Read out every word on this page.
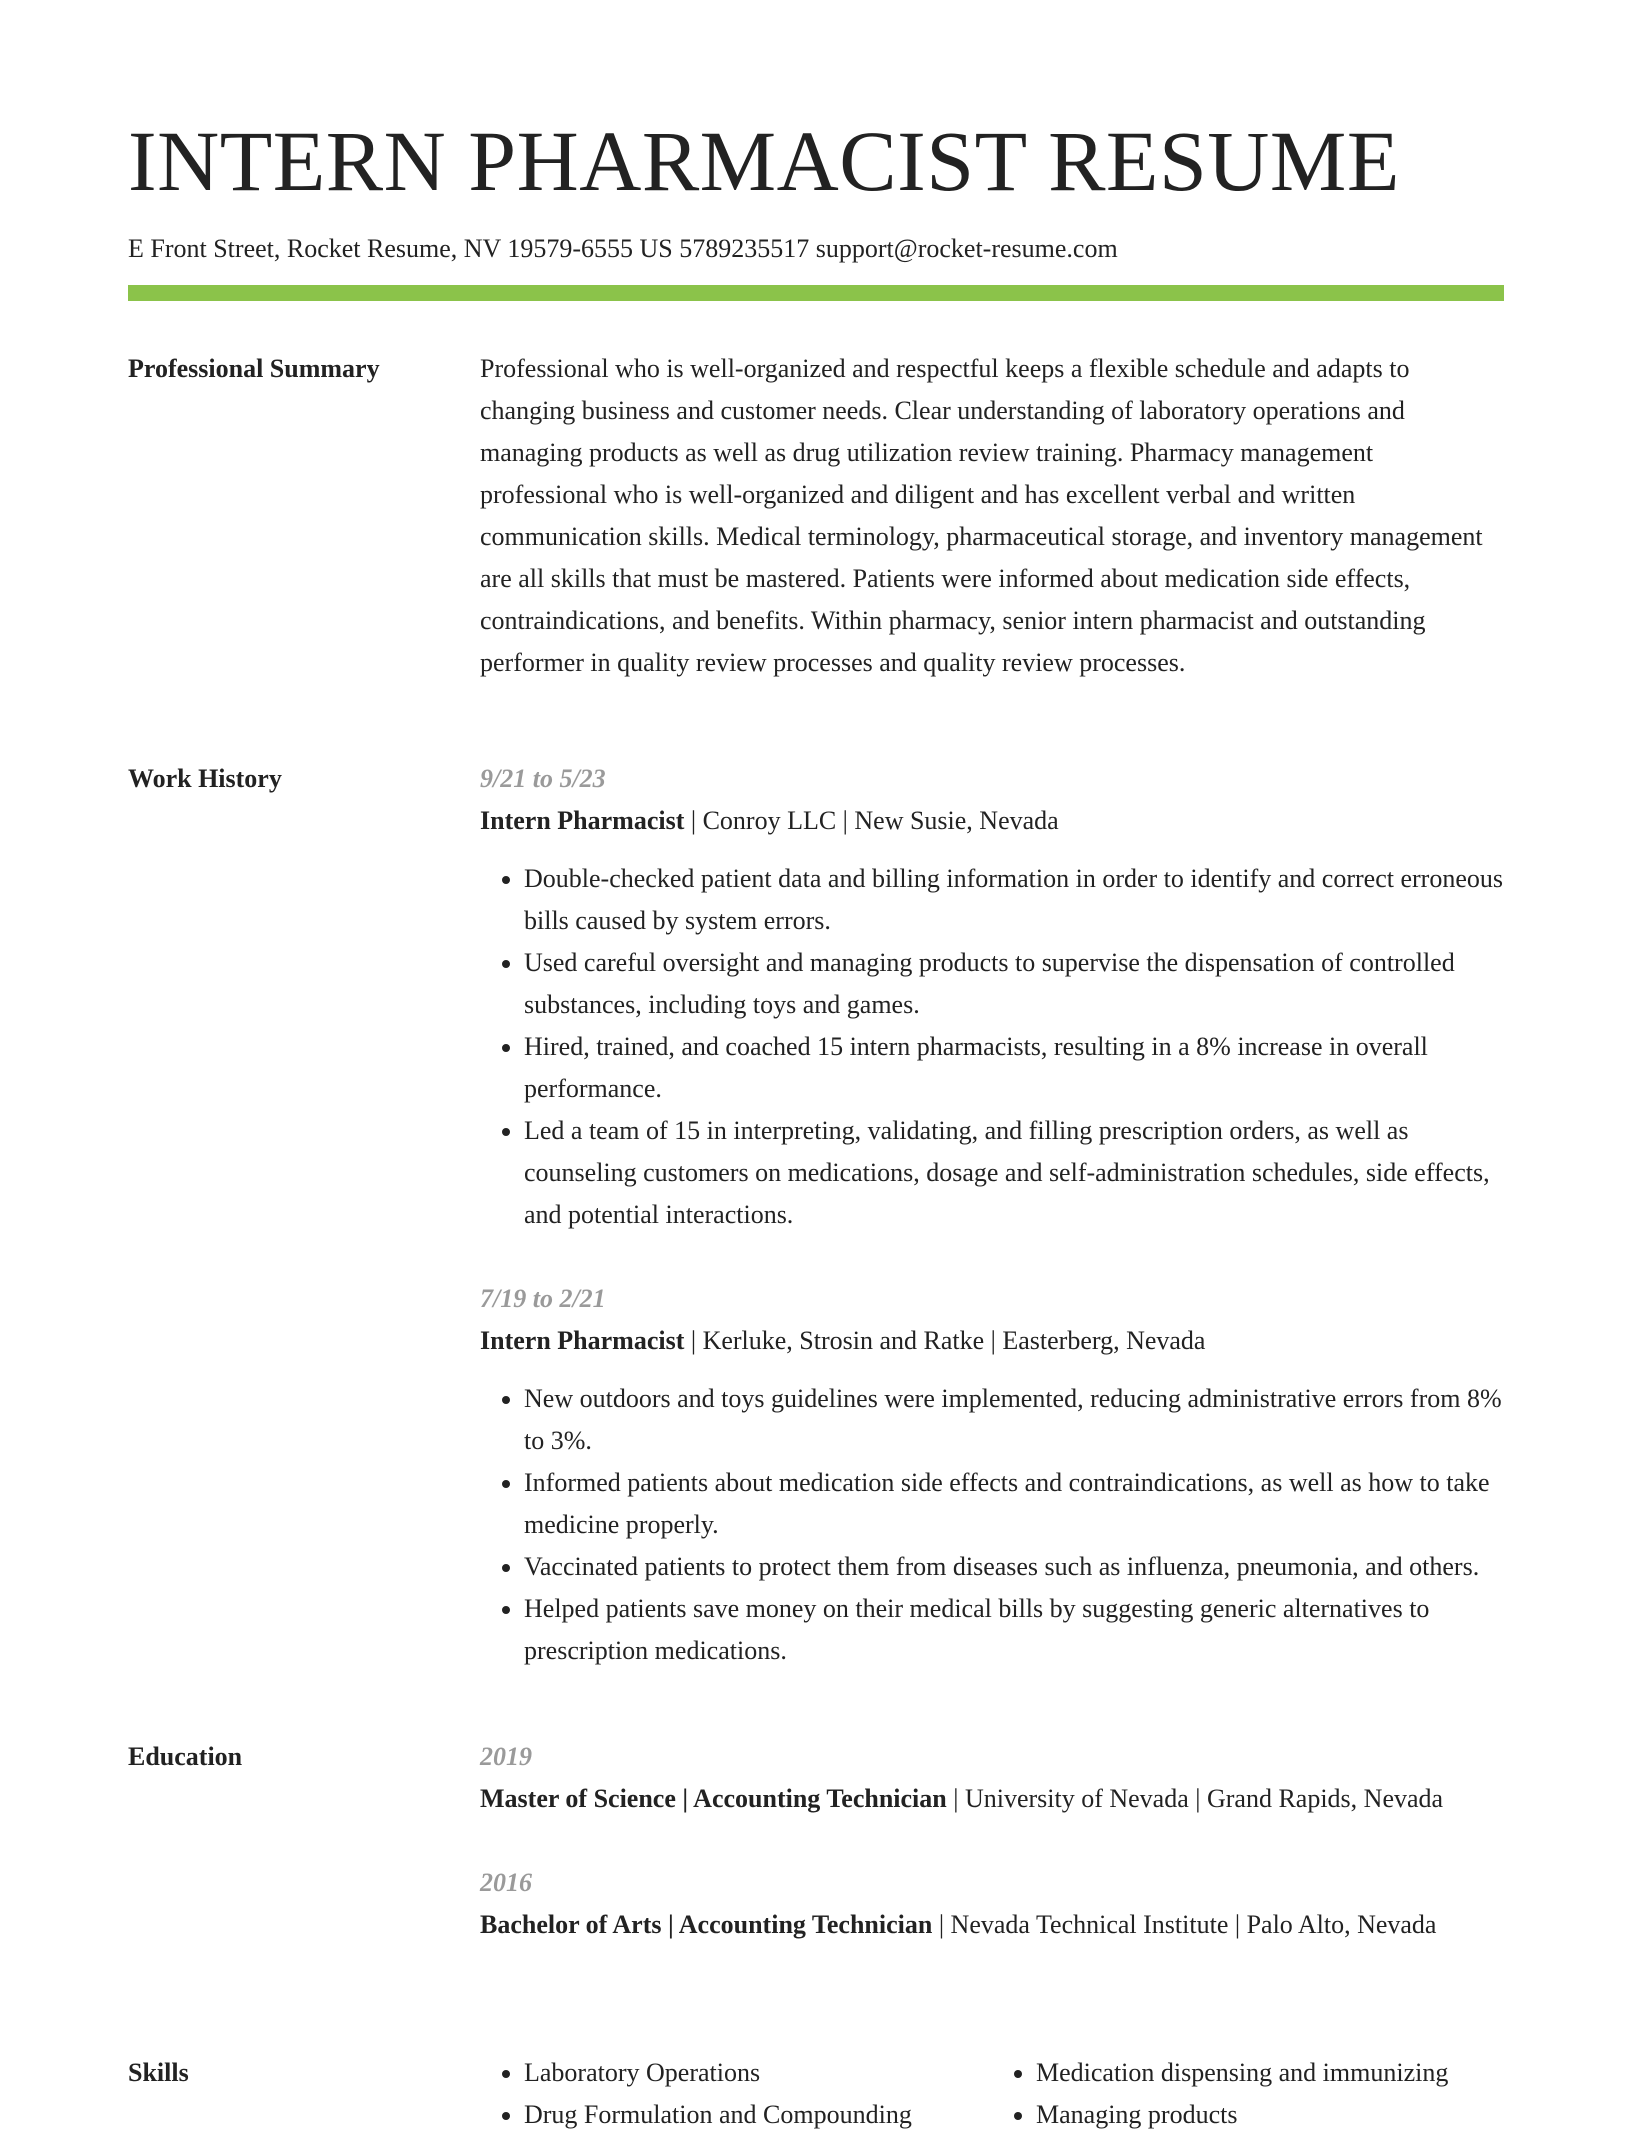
INTERN PHARMACIST RESUME
E Front Street, Rocket Resume, NV 19579-6555 US 5789235517 support@rocket-resume.com
Professional Summary	Professional who is well-organized and respectful keeps a flexible schedule and adapts to changing business and customer needs. Clear understanding of laboratory operations and managing products as well as drug utilization review training. Pharmacy management professional who is well-organized and diligent and has excellent verbal and written communication skills. Medical terminology, pharmaceutical storage, and inventory management are all skills that must be mastered. Patients were informed about medication side effects, contraindications, and benefits. Within pharmacy, senior intern pharmacist and outstanding performer in quality review processes and quality review processes.

Work History	9/21 to 5/23
Intern Pharmacist | Conroy LLC | New Susie, Nevada
• Double-checked patient data and billing information in order to identify and correct erroneous bills caused by system errors.
• Used careful oversight and managing products to supervise the dispensation of controlled substances, including toys and games.
• Hired, trained, and coached 15 intern pharmacists, resulting in a 8% increase in overall performance.
• Led a team of 15 in interpreting, validating, and filling prescription orders, as well as counseling customers on medications, dosage and self-administration schedules, side effects, and potential interactions.
7/19 to 2/21
Intern Pharmacist | Kerluke, Strosin and Ratke | Easterberg, Nevada
• New outdoors and toys guidelines were implemented, reducing administrative errors from 8% to 3%.
• Informed patients about medication side effects and contraindications, as well as how to take medicine properly.
• Vaccinated patients to protect them from diseases such as influenza, pneumonia, and others.
• Helped patients save money on their medical bills by suggesting generic alternatives to prescription medications.
Education	2019
Master of Science | Accounting Technician | University of Nevada | Grand Rapids, Nevada
2016
Bachelor of Arts | Accounting Technician | Nevada Technical Institute | Palo Alto, Nevada
Skills
•	Laboratory Operations
• Drug Formulation and Compounding
• Medication dispensing and immunizing
• Managing products
